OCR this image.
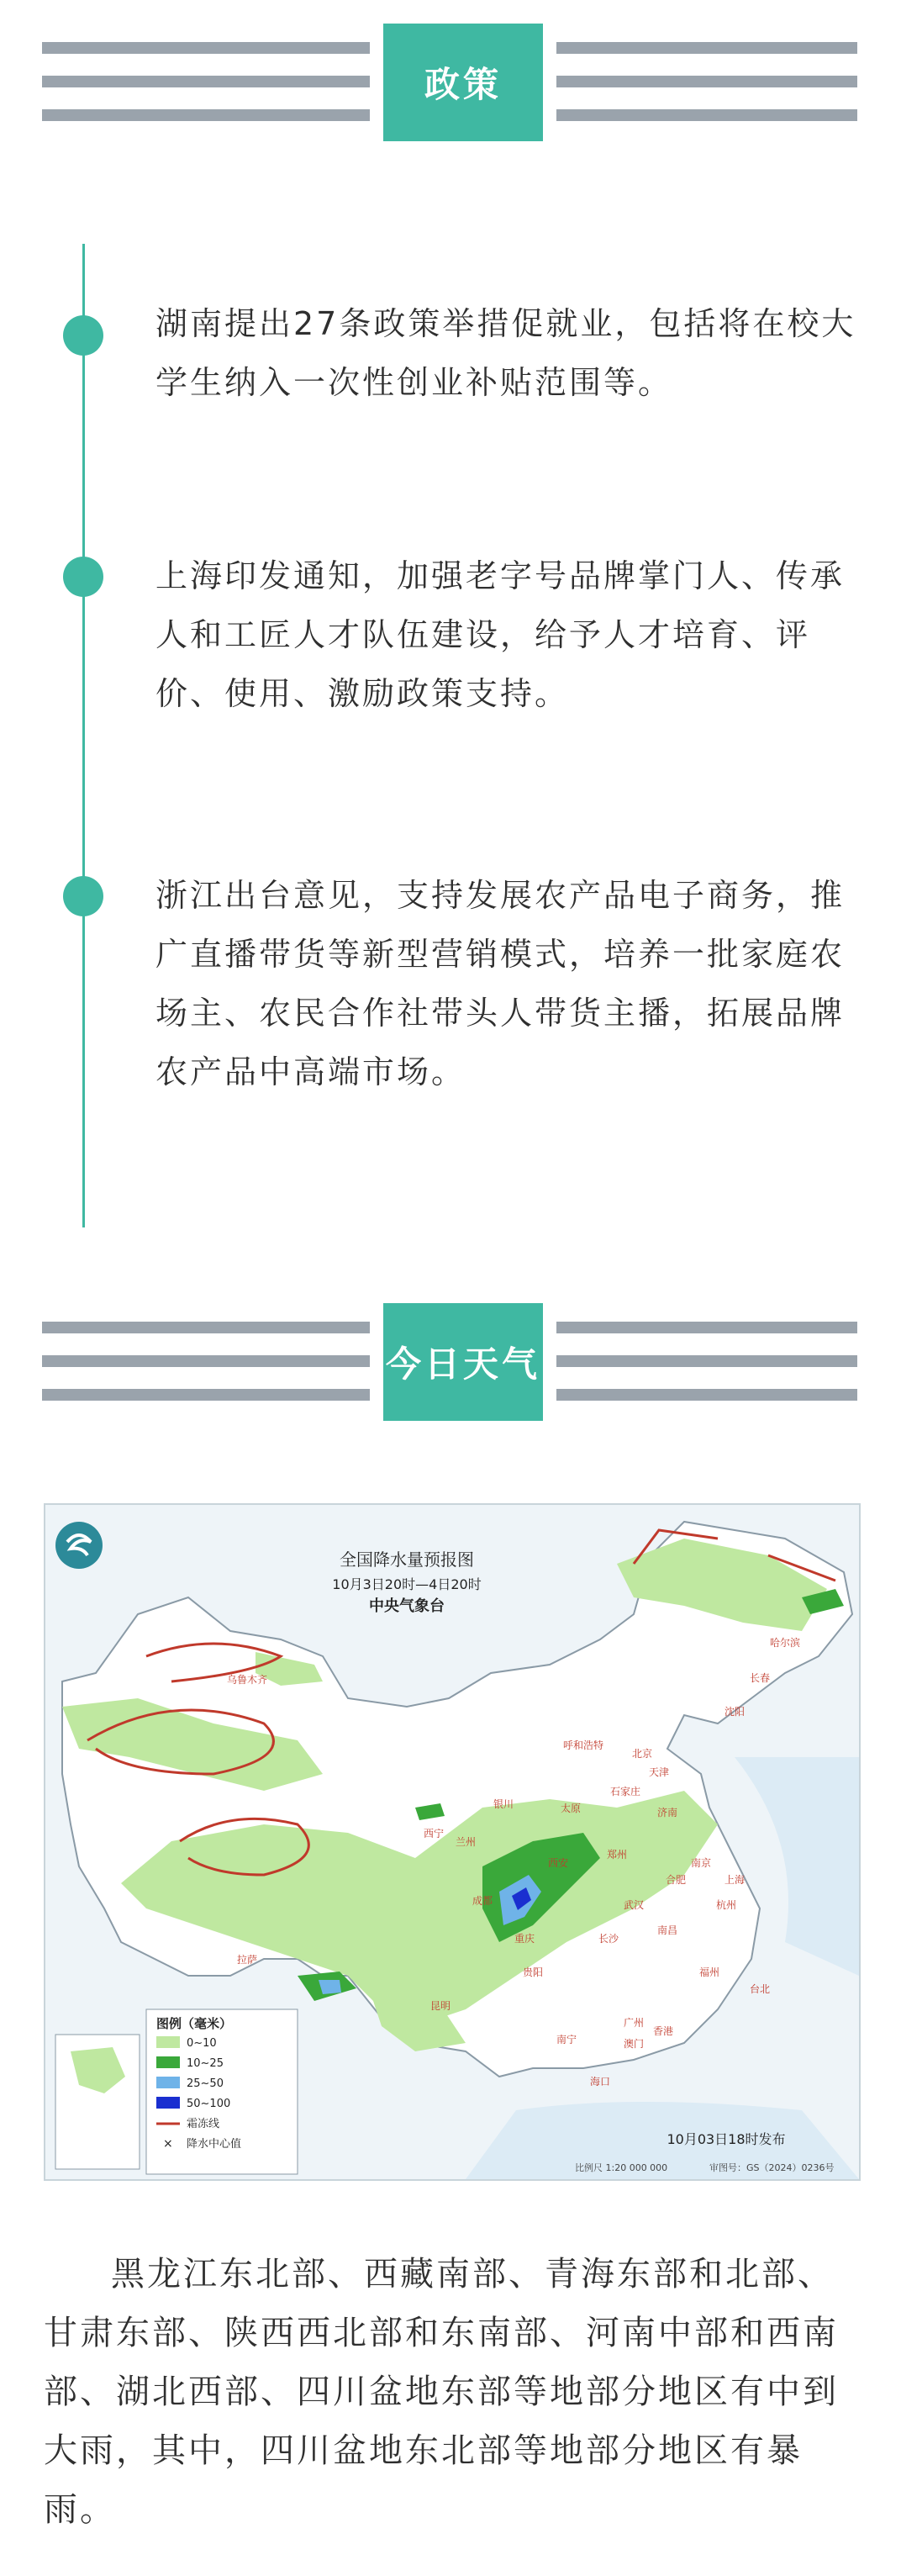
政策
湖南提出27条政策举措促就业，包括将在校大学生纳入一次性创业补贴范围等。
上海印发通知，加强老字号品牌掌门人、传承人和工匠人才队伍建设，给予人才培育、评价、使用、激励政策支持。
浙江出台意见，支持发展农产品电子商务，推广直播带货等新型营销模式，培养一批家庭农场主、农民合作社带头人带货主播，拓展品牌农产品中高端市场。
今日天气
全国降水量预报图
10月3日20时—4日20时
中央气象台
乌鲁木齐
哈尔滨
长春
沈阳
呼和浩特
北京
天津
石家庄
太原
银川
济南
兰州
西宁
郑州
西安
合肥
南京
上海
武汉
成都
重庆
杭州
长沙
南昌
福州
贵阳
昆明
台北
广州
南宁
香港
澳门
海口
拉萨
图例（毫米）
0~10
10~25
25~50
50~100
霜冻线
× 降水中心值	10月03日18时发布
比例尺 1:20 000 000	审图号：GS（2024）0236号
黑龙江东北部、西藏南部、青海东部和北部、甘肃东部、陕西西北部和东南部、河南中部和西南部、湖北西部、四川盆地东部等地部分地区有中到大雨，其中，四川盆地东北部等地部分地区有暴雨。
